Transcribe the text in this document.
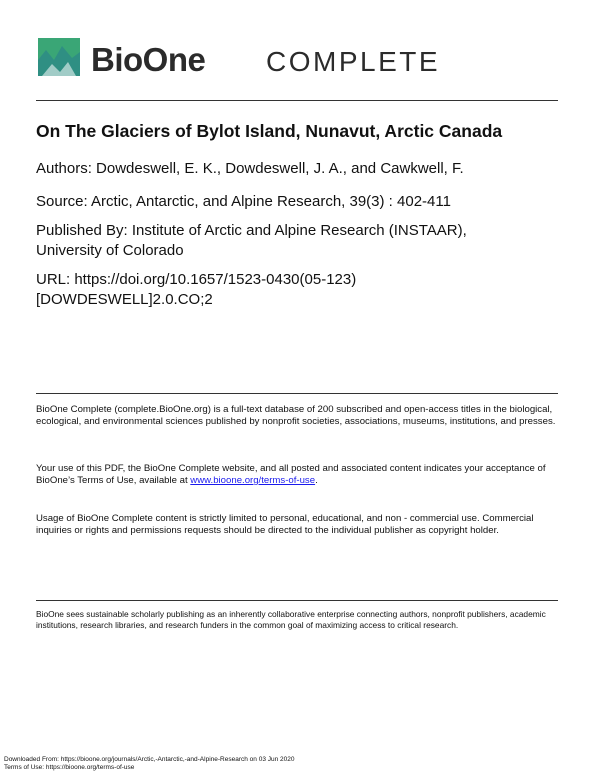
BioOne COMPLETE
On The Glaciers of Bylot Island, Nunavut, Arctic Canada
Authors: Dowdeswell, E. K., Dowdeswell, J. A., and Cawkwell, F.
Source: Arctic, Antarctic, and Alpine Research, 39(3) : 402-411
Published By: Institute of Arctic and Alpine Research (INSTAAR),
University of Colorado
URL: https://doi.org/10.1657/1523-0430(05-123)
[DOWDESWELL]2.0.CO;2
BioOne Complete (complete.BioOne.org) is a full-text database of 200 subscribed and open-access titles in the biological, ecological, and environmental sciences published by nonprofit societies, associations, museums, institutions, and presses.
Your use of this PDF, the BioOne Complete website, and all posted and associated content indicates your acceptance of BioOne’s Terms of Use, available at www.bioone.org/terms-of-use.
Usage of BioOne Complete content is strictly limited to personal, educational, and non - commercial use. Commercial inquiries or rights and permissions requests should be directed to the individual publisher as copyright holder.
BioOne sees sustainable scholarly publishing as an inherently collaborative enterprise connecting authors, nonprofit publishers, academic institutions, research libraries, and research funders in the common goal of maximizing access to critical research.
Downloaded From: https://bioone.org/journals/Arctic,-Antarctic,-and-Alpine-Research on 03 Jun 2020
Terms of Use: https://bioone.org/terms-of-use
